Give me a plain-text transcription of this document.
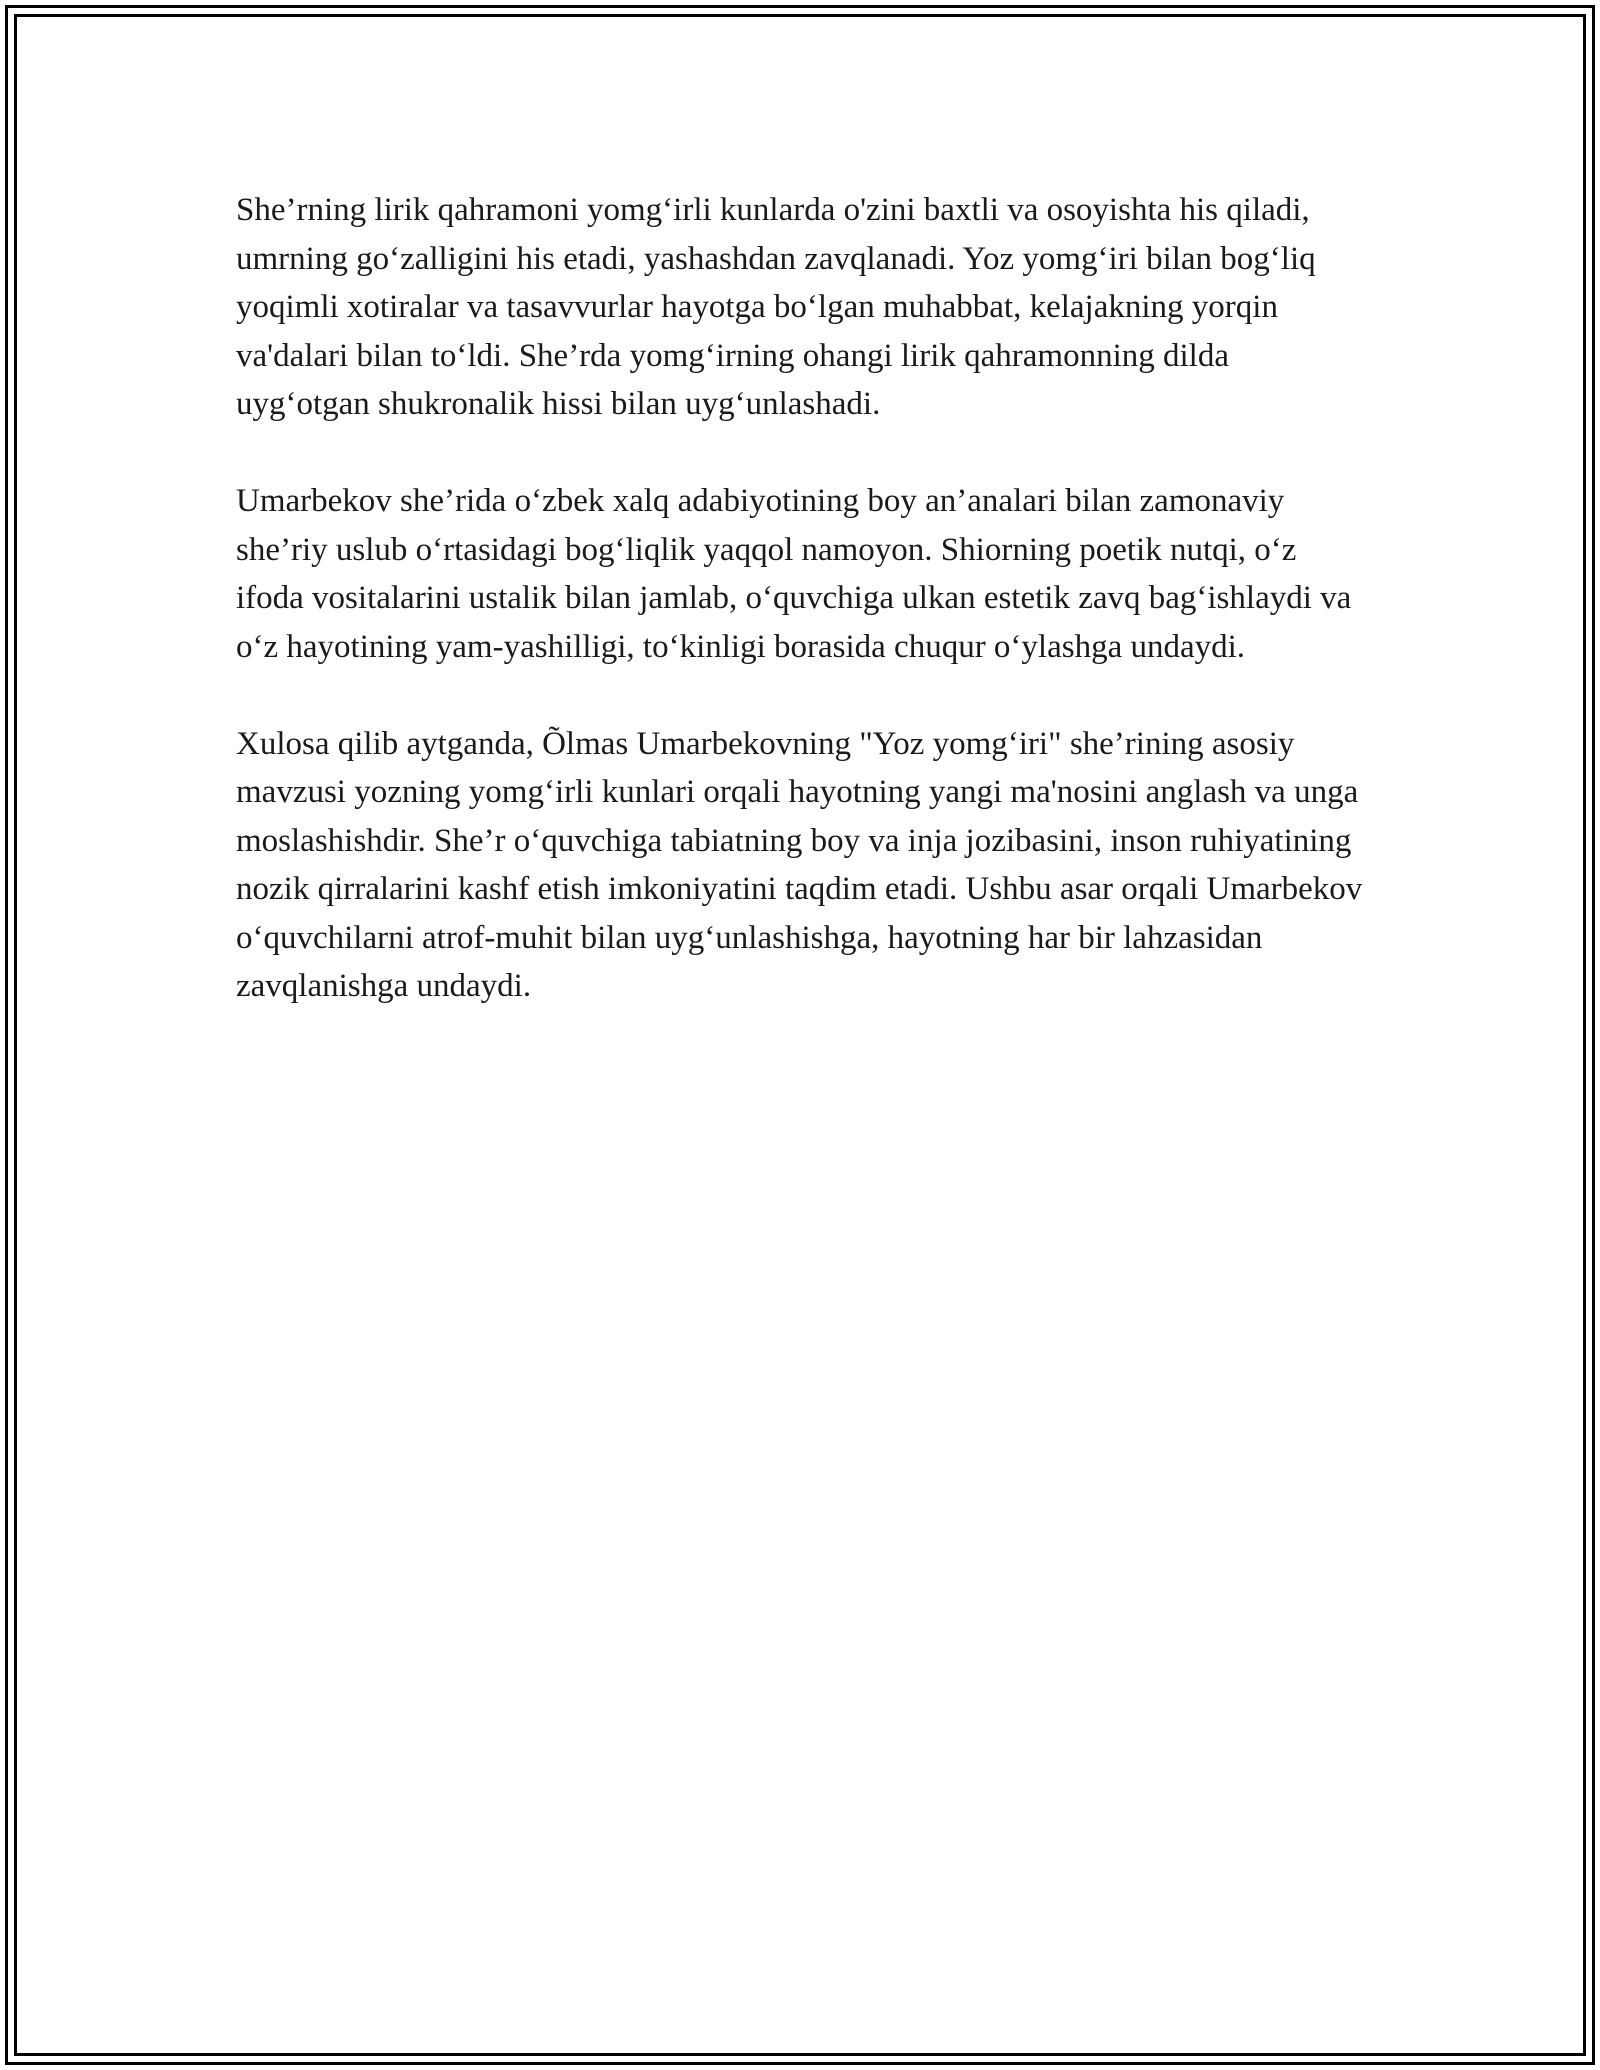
She’rning lirik qahramoni yomg‘irli kunlarda o'zini baxtli va osoyishta his qiladi, umrning go‘zalligini his etadi, yashashdan zavqlanadi. Yoz yomg‘iri bilan bog‘liq yoqimli xotiralar va tasavvurlar hayotga bo‘lgan muhabbat, kelajakning yorqin va'dalari bilan to‘ldi. She’rda yomg‘irning ohangi lirik qahramonning dilda uyg‘otgan shukronalik hissi bilan uyg‘unlashadi.

Umarbekov she’rida o‘zbek xalq adabiyotining boy an’analari bilan zamonaviy she’riy uslub o‘rtasidagi bog‘liqlik yaqqol namoyon. Shiorning poetik nutqi, o‘z ifoda vositalarini ustalik bilan jamlab, o‘quvchiga ulkan estetik zavq bag‘ishlaydi va o‘z hayotining yam-yashilligi, to‘kinligi borasida chuqur o‘ylashga undaydi.

Xulosa qilib aytganda, Õlmas Umarbekovning "Yoz yomg‘iri" she’rining asosiy mavzusi yozning yomg‘irli kunlari orqali hayotning yangi ma'nosini anglash va unga moslashishdir. She’r o‘quvchiga tabiatning boy va inja jozibasini, inson ruhiyatining nozik qirralarini kashf etish imkoniyatini taqdim etadi. Ushbu asar orqali Umarbekov o‘quvchilarni atrof-muhit bilan uyg‘unlashishga, hayotning har bir lahzasidan zavqlanishga undaydi.
